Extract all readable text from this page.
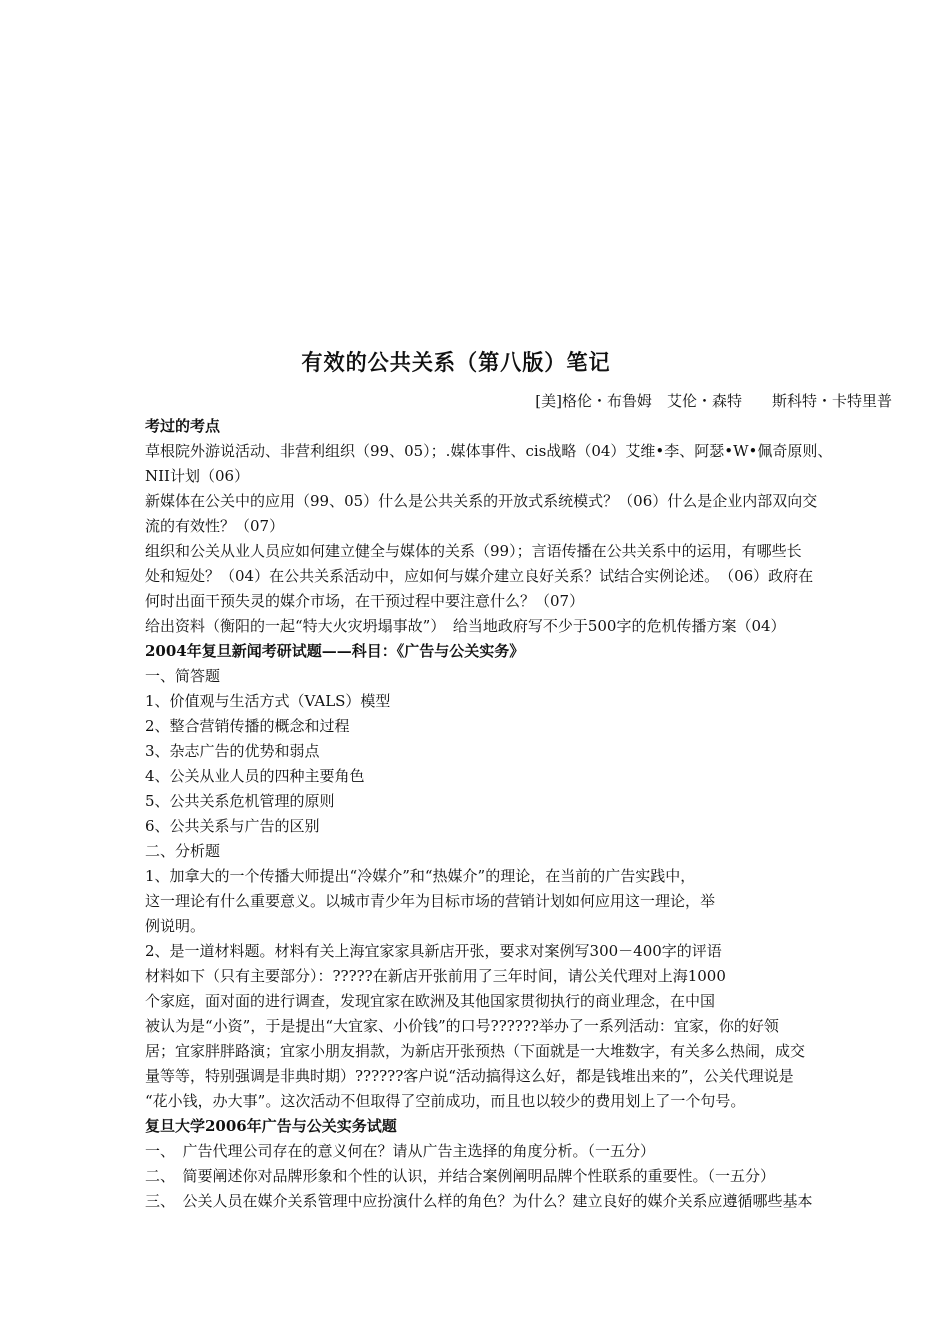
有效的公共关系（第八版）笔记
[美]格伦・布鲁姆　艾伦・森特　　斯科特・卡特里普
考过的考点
草根院外游说活动、非营利组织（99、05）；.媒体事件、cis战略（04）艾维•李、阿瑟•W•佩奇原则、
NII计划（06）
新媒体在公关中的应用（99、05）什么是公共关系的开放式系统模式？（06）什么是企业内部双向交
流的有效性？（07）
组织和公关从业人员应如何建立健全与媒体的关系（99）；言语传播在公共关系中的运用，有哪些长
处和短处？（04）在公共关系活动中，应如何与媒介建立良好关系？试结合实例论述。　（06）政府在
何时出面干预失灵的媒介市场，在干预过程中要注意什么？（07）
给出资料（衡阳的一起“特大火灾坍塌事故”）　给当地政府写不少于500字的危机传播方案（04）
2004年复旦新闻考研试题——科目：《广告与公关实务》
一、简答题
1、价值观与生活方式（VALS）模型
2、整合营销传播的概念和过程
3、杂志广告的优势和弱点
4、公关从业人员的四种主要角色
5、公共关系危机管理的原则
6、公共关系与广告的区别
二、分析题
1、加拿大的一个传播大师提出“冷媒介”和“热媒介”的理论，在当前的广告实践中，
这一理论有什么重要意义。以城市青少年为目标市场的营销计划如何应用这一理论，举
例说明。
2、是一道材料题。材料有关上海宜家家具新店开张，要求对案例写300－400字的评语
材料如下（只有主要部分）：?????在新店开张前用了三年时间，请公关代理对上海1000
个家庭，面对面的进行调查，发现宜家在欧洲及其他国家贯彻执行的商业理念，在中国
被认为是“小资”，于是提出“大宜家、小价钱”的口号??????举办了一系列活动：宜家，你的好领
居；宜家胖胖路演；宜家小朋友捐款，为新店开张预热（下面就是一大堆数字，有关多么热闹，成交
量等等，特别强调是非典时期）??????客户说“活动搞得这么好，都是钱堆出来的”，公关代理说是
“花小钱，办大事”。这次活动不但取得了空前成功，而且也以较少的费用划上了一个句号。
复旦大学2006年广告与公关实务试题
一、　广告代理公司存在的意义何在？请从广告主选择的角度分析。（一五分）
二、　简要阐述你对品牌形象和个性的认识，并结合案例阐明品牌个性联系的重要性。（一五分）
三、　公关人员在媒介关系管理中应扮演什么样的角色？为什么？建立良好的媒介关系应遵循哪些基本
